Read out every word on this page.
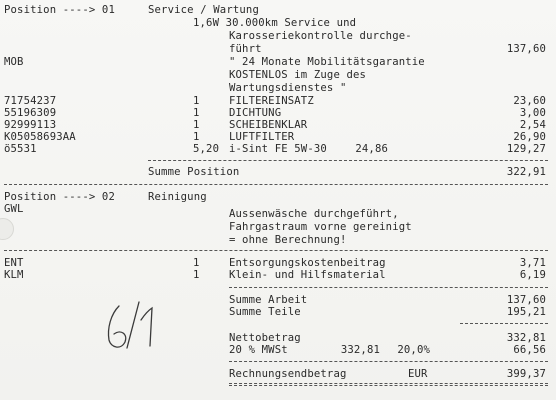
Position ----> 01	Service / Wartung
1,6W 30.000km Service und
Karosseriekontrolle durchge-
führt	137,60
MOB	" 24 Monate Mobilitätsgarantie
KOSTENLOS im Zuge des
Wartungsdienstes "
71754237	1	FILTEREINSATZ	23,60
55196309	1	DICHTUNG	3,00
92999113	1	SCHEIBENKLAR	2,54
K05058693AA	1	LUFTFILTER	26,90
ö5531	5,20 i-Sint FE 5W-30	24,86	129,27
Summe Position	322,91
Position ----> 02	Reinigung
GWL	Aussenwäsche durchgeführt,
Fahrgastraum vorne gereinigt
= ohne Berechnung!
ENT	1	Entsorgungskostenbeitrag	3,71
KLM	1	Klein- und Hilfsmaterial	6,19
Summe Arbeit	137,60
Summe Teile	195,21
Nettobetrag	332,81
20 % MWSt	332,81	20,0%	66,56
Rechnungsendbetrag	EUR	399,37
